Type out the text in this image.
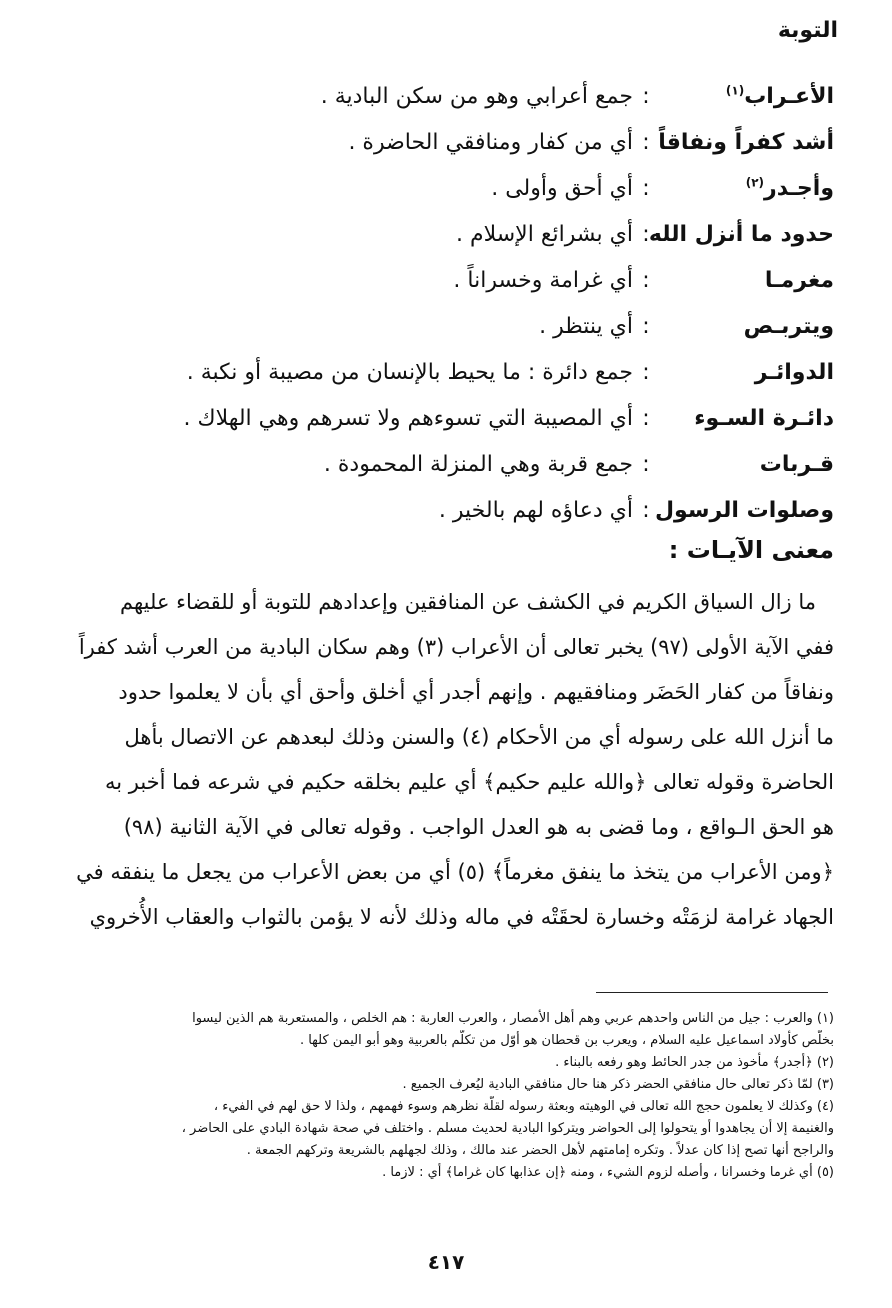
التوبة
الأعـراب$^{(١)}$
:
جمع أعرابي وهو من سكن البادية .
أشد كفراً ونفاقاً
:
أي من كفار ومنافقي الحاضرة .
وأجـدر$^{(٢)}$
:
أي أحق وأولى .
حدود ما أنزل الله
:
أي بشرائع الإسلام .
مغرمـا
:
أي غرامة وخسراناً .
ويتربـص
:
أي ينتظر .
الدوائـر
:
جمع دائرة : ما يحيط بالإنسان من مصيبة أو نكبة .
دائـرة السـوء
:
أي المصيبة التي تسوءهم ولا تسرهم وهي الهلاك .
قـربات
:
جمع قربة وهي المنزلة المحمودة .
وصلوات الرسول
:
أي دعاؤه لهم بالخير .
معنى الآيـات :

ما زال السياق الكريم في الكشف عن المنافقين وإعدادهم للتوبة أو للقضاء عليهم
ففي الآية الأولى (٩٧) يخبر تعالى أن الأعراب (٣) وهم سكان البادية من العرب أشد كفراً
ونفاقاً من كفار الحَضَر ومنافقيهم . وإنهم أجدر أي أخلق وأحق أي بأن لا يعلموا حدود
ما أنزل الله على رسوله أي من الأحكام (٤) والسنن وذلك لبعدهم عن الاتصال بأهل
الحاضرة وقوله تعالى ﴿والله عليم حكيم﴾ أي عليم بخلقه حكيم في شرعه فما أخبر به
هو الحق الـواقع ، وما قضى به هو العدل الواجب . وقوله تعالى في الآية الثانية (٩٨)
﴿ومن الأعراب من يتخذ ما ينفق مغرماً﴾ (٥) أي من بعض الأعراب من يجعل ما ينفقه في
الجهاد غرامة لزمَتْه وخسارة لحقَتْه في ماله وذلك لأنه لا يؤمن بالثواب والعقاب الأُخروي

(١) والعرب : جيل من الناس واحدهم عربي وهم أهل الأمصار ، والعرب العاربة : هم الخلص ، والمستعربة هم الذين ليسوا
بخلّص كأولاد اسماعيل عليه السلام ، ويعرب بن قحطان هو أوّل من تكلّم بالعربية وهو أبو اليمن كلها .
(٢) ﴿أجدر﴾ مأخوذ من جدر الحائط وهو رفعه بالبناء .
(٣) لمّا ذكر تعالى حال منافقي الحضر ذكر هنا حال منافقي البادية ليُعرف الجميع .
(٤) وكذلك لا يعلمون حجج الله تعالى في الوهيته وبعثة رسوله لقلّة نظرهم وسوء فهمهم ، ولذا لا حق لهم في الفيء ،
والغنيمة إلا أن يجاهدوا أو يتحولوا إلى الحواضر ويتركوا البادية لحديث مسلم . واختلف في صحة شهادة البادي على الحاضر ،
والراجح أنها تصح إذا كان عدلاً . وتكره إمامتهم لأهل الحضر عند مالك ، وذلك لجهلهم بالشريعة وتركهم الجمعة .
(٥) أي غرما وخسرانا ، وأصله لزوم الشيء ، ومنه ﴿إن عذابها كان غراما﴾ أي : لازما .
٤١٧
